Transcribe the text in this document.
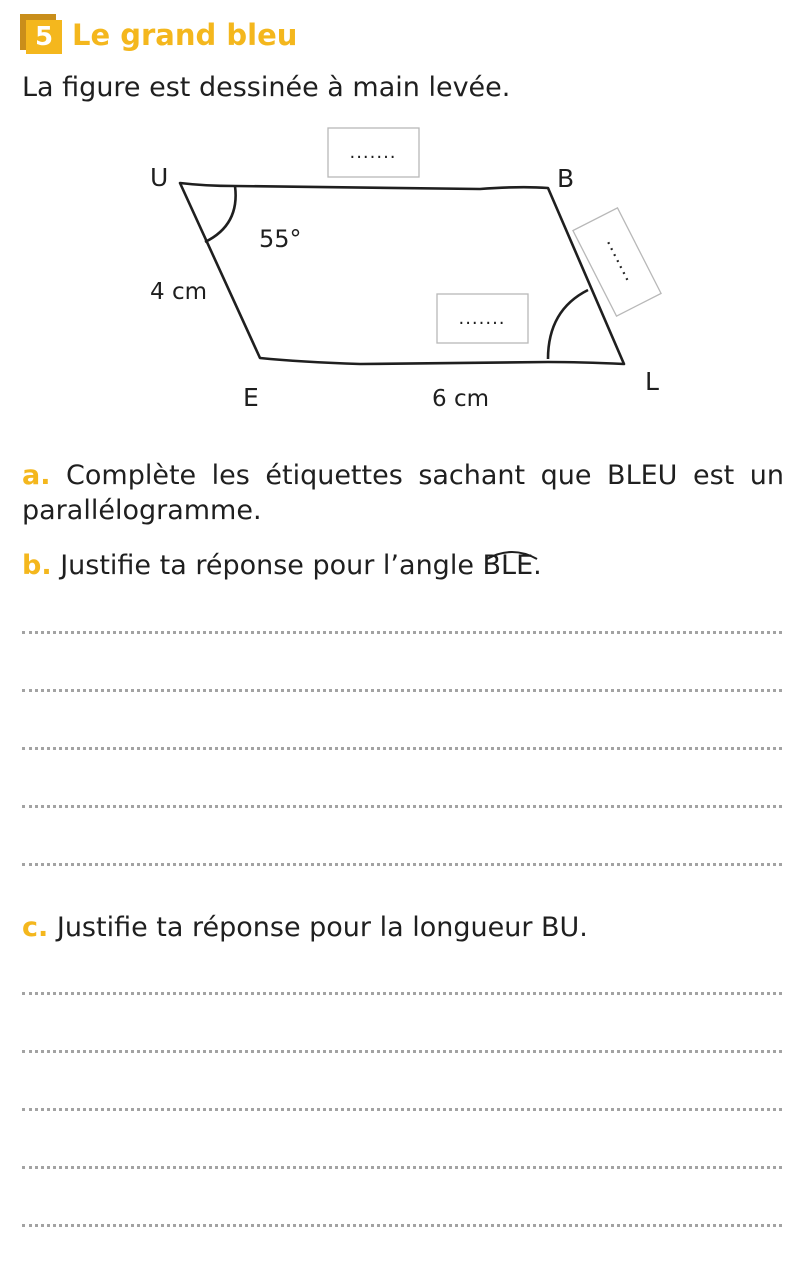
5 Le grand bleu
La figure est dessinée à main levée.
U	B
L
E
55°
4 cm
6 cm
.......
.......
.......
a. Complète les étiquettes sachant que BLEU est un parallélogramme.
b. Justifie ta réponse pour l’angle BLE.
c. Justifie ta réponse pour la longueur BU.
